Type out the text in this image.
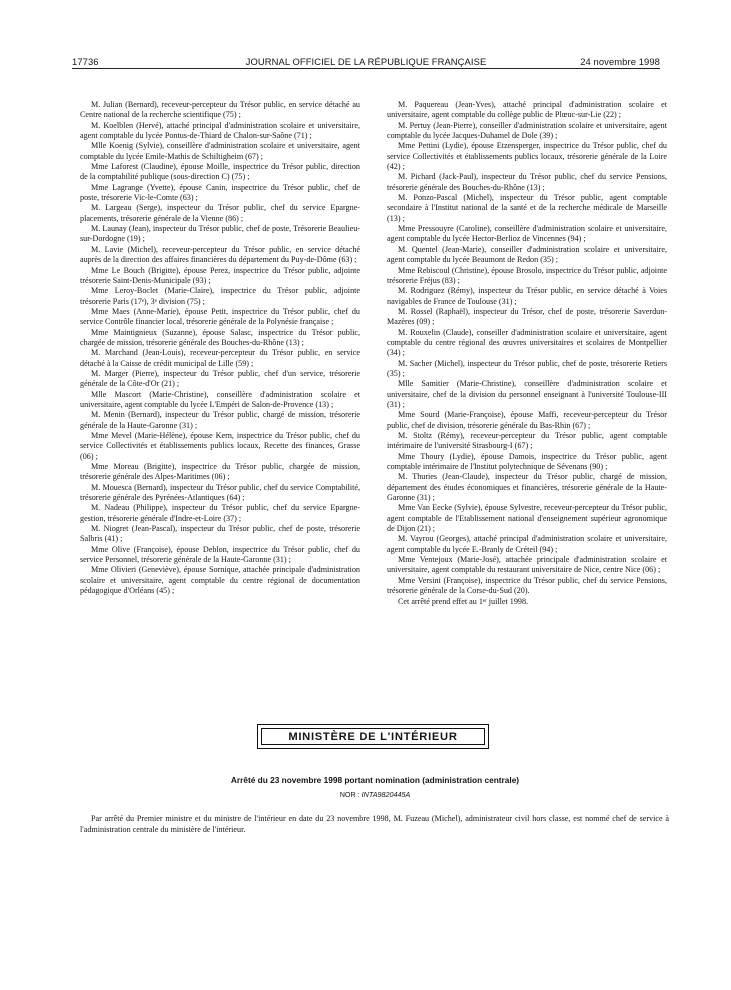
17736	JOURNAL OFFICIEL DE LA RÉPUBLIQUE FRANÇAISE	24 novembre 1998

M. Julian (Bernard), receveur-percepteur du Trésor public, en service détaché au Centre national de la recherche scientifique (75) ;

M. Koelblen (Hervé), attaché principal d'administration scolaire et universitaire, agent comptable du lycée Pontus-de-Thiard de Chalon-sur-Saône (71) ;

Mlle Koenig (Sylvie), conseillère d'administration scolaire et universitaire, agent comptable du lycée Emile-Mathis de Schiltigheim (67) ;

Mme Laforest (Claudine), épouse Moille, inspectrice du Trésor public, direction de la comptabilité publique (sous-direction C) (75) ;

Mme Lagrange (Yvette), épouse Canin, inspectrice du Trésor public, chef de poste, trésorerie Vic-le-Comte (63) ;

M. Largeau (Serge), inspecteur du Trésor public, chef du service Epargne-placements, trésorerie générale de la Vienne (86) ;

M. Launay (Jean), inspecteur du Trésor public, chef de poste, Trésorerie Beaulieu-sur-Dordogne (19) ;

M. Lavie (Michel), receveur-percepteur du Trésor public, en service détaché auprès de la direction des affaires financières du département du Puy-de-Dôme (63) ;

Mme Le Bouch (Brigitte), épouse Perez, inspectrice du Trésor public, adjointe trésorerie Saint-Denis-Municipale (93) ;

Mme Leroy-Boclet (Marie-Claire), inspectrice du Trésor public, adjointe trésorerie Paris (17ᵉ), 3ᵉ division (75) ;

Mme Maes (Anne-Marie), épouse Petit, inspectrice du Trésor public, chef du service Contrôle financier local, trésorerie générale de la Polynésie française ;

Mme Maintignieux (Suzanne), épouse Salasc, inspectrice du Trésor public, chargée de mission, trésorerie générale des Bouches-du-Rhône (13) ;

M. Marchand (Jean-Louis), receveur-percepteur du Trésor public, en service détaché à la Caisse de crédit municipal de Lille (59) ;

M. Marger (Pierre), inspecteur du Trésor public, chef d'un service, trésorerie générale de la Côte-d'Or (21) ;

Mlle Mascort (Marie-Christine), conseillère d'administration scolaire et universitaire, agent comptable du lycée L'Empéri de Salon-de-Provence (13) ;

M. Menin (Bernard), inspecteur du Trésor public, chargé de mission, trésorerie générale de la Haute-Garonne (31) ;

Mme Mevel (Marie-Hélène), épouse Kern, inspectrice du Trésor public, chef du service Collectivités et établissements publics locaux, Recette des finances, Grasse (06) ;

Mme Moreau (Brigitte), inspectrice du Trésor public, chargée de mission, trésorerie générale des Alpes-Maritimes (06) ;

M. Mouesca (Bernard), inspecteur du Trésor public, chef du service Comptabilité, trésorerie générale des Pyrénées-Atlantiques (64) ;

M. Nadeau (Philippe), inspecteur du Trésor public, chef du service Epargne-gestion, trésorerie générale d'Indre-et-Loire (37) ;

M. Niogret (Jean-Pascal), inspecteur du Trésor public, chef de poste, trésorerie Salbris (41) ;

Mme Olive (Françoise), épouse Deblon, inspectrice du Trésor public, chef du service Personnel, trésorerie générale de la Haute-Garonne (31) ;

Mme Olivieri (Geneviève), épouse Sornique, attachée principale d'administration scolaire et universitaire, agent comptable du centre régional de documentation pédagogique d'Orléans (45) ;

M. Paquereau (Jean-Yves), attaché principal d'administration scolaire et universitaire, agent comptable du collège public de Plœuc-sur-Lie (22) ;

M. Pertuy (Jean-Pierre), conseiller d'administration scolaire et universitaire, agent comptable du lycée Jacques-Duhamel de Dole (39) ;

Mme Pettini (Lydie), épouse Etzensperger, inspectrice du Trésor public, chef du service Collectivités et établissements publics locaux, trésorerie générale de la Loire (42) ;

M. Pichard (Jack-Paul), inspecteur du Trésor public, chef du service Pensions, trésorerie générale des Bouches-du-Rhône (13) ;

M. Ponzo-Pascal (Michel), inspecteur du Trésor public, agent comptable secondaire à l'Institut national de la santé et de la recherche médicale de Marseille (13) ;

Mme Pressouyre (Caroline), conseillère d'administration scolaire et universitaire, agent comptable du lycée Hector-Berlioz de Vincennes (94) ;

M. Quentel (Jean-Marie), conseiller d'administration scolaire et universitaire, agent comptable du lycée Beaumont de Redon (35) ;

Mme Rebiscoul (Christine), épouse Brosolo, inspectrice du Trésor public, adjointe trésorerie Fréjus (83) ;

M. Rodriguez (Rémy), inspecteur du Trésor public, en service détaché à Voies navigables de France de Toulouse (31) ;

M. Rossel (Raphaël), inspecteur du Trésor, chef de poste, trésorerie Saverdun-Mazères (09) ;

M. Rouxelin (Claude), conseiller d'administration scolaire et universitaire, agent comptable du centre régional des œuvres universitaires et scolaires de Montpellier (34) ;

M. Sacher (Michel), inspecteur du Trésor public, chef de poste, trésorerie Retiers (35) ;

Mlle Samitier (Marie-Christine), conseillère d'administration scolaire et universitaire, chef de la division du personnel enseignant à l'université Toulouse-III (31) ;

Mme Sourd (Marie-Françoise), épouse Maffi, receveur-percepteur du Trésor public, chef de division, trésorerie générale du Bas-Rhin (67) ;

M. Stoltz (Rémy), receveur-percepteur du Trésor public, agent comptable intérimaire de l'université Strasbourg-I (67) ;

Mme Thoury (Lydie), épouse Damois, inspectrice du Trésor public, agent comptable intérimaire de l'Institut polytechnique de Sévenans (90) ;

M. Thuries (Jean-Claude), inspecteur du Trésor public, chargé de mission, département des études économiques et financières, trésorerie générale de la Haute-Garonne (31) ;

Mme Van Eecke (Sylvie), épouse Sylvestre, receveur-percepteur du Trésor public, agent comptable de l'Etablissement national d'enseignement supérieur agronomique de Dijon (21) ;

M. Vayrou (Georges), attaché principal d'administration scolaire et universitaire, agent comptable du lycée E.-Branly de Créteil (94) ;

Mme Ventejoux (Marie-José), attachée principale d'administration scolaire et universitaire, agent comptable du restaurant universitaire de Nice, centre Nice (06) ;

Mme Versini (Françoise), inspectrice du Trésor public, chef du service Pensions, trésorerie générale de la Corse-du-Sud (20).

Cet arrêté prend effet au 1ᵉʳ juillet 1998.

MINISTÈRE DE L'INTÉRIEUR
Arrêté du 23 novembre 1998 portant nomination (administration centrale)
NOR : INTA9820445A

Par arrêté du Premier ministre et du ministre de l'intérieur en date du 23 novembre 1998, M. Fuzeau (Michel), administrateur civil hors classe, est nommé chef de service à l'administration centrale du ministère de l'intérieur.
